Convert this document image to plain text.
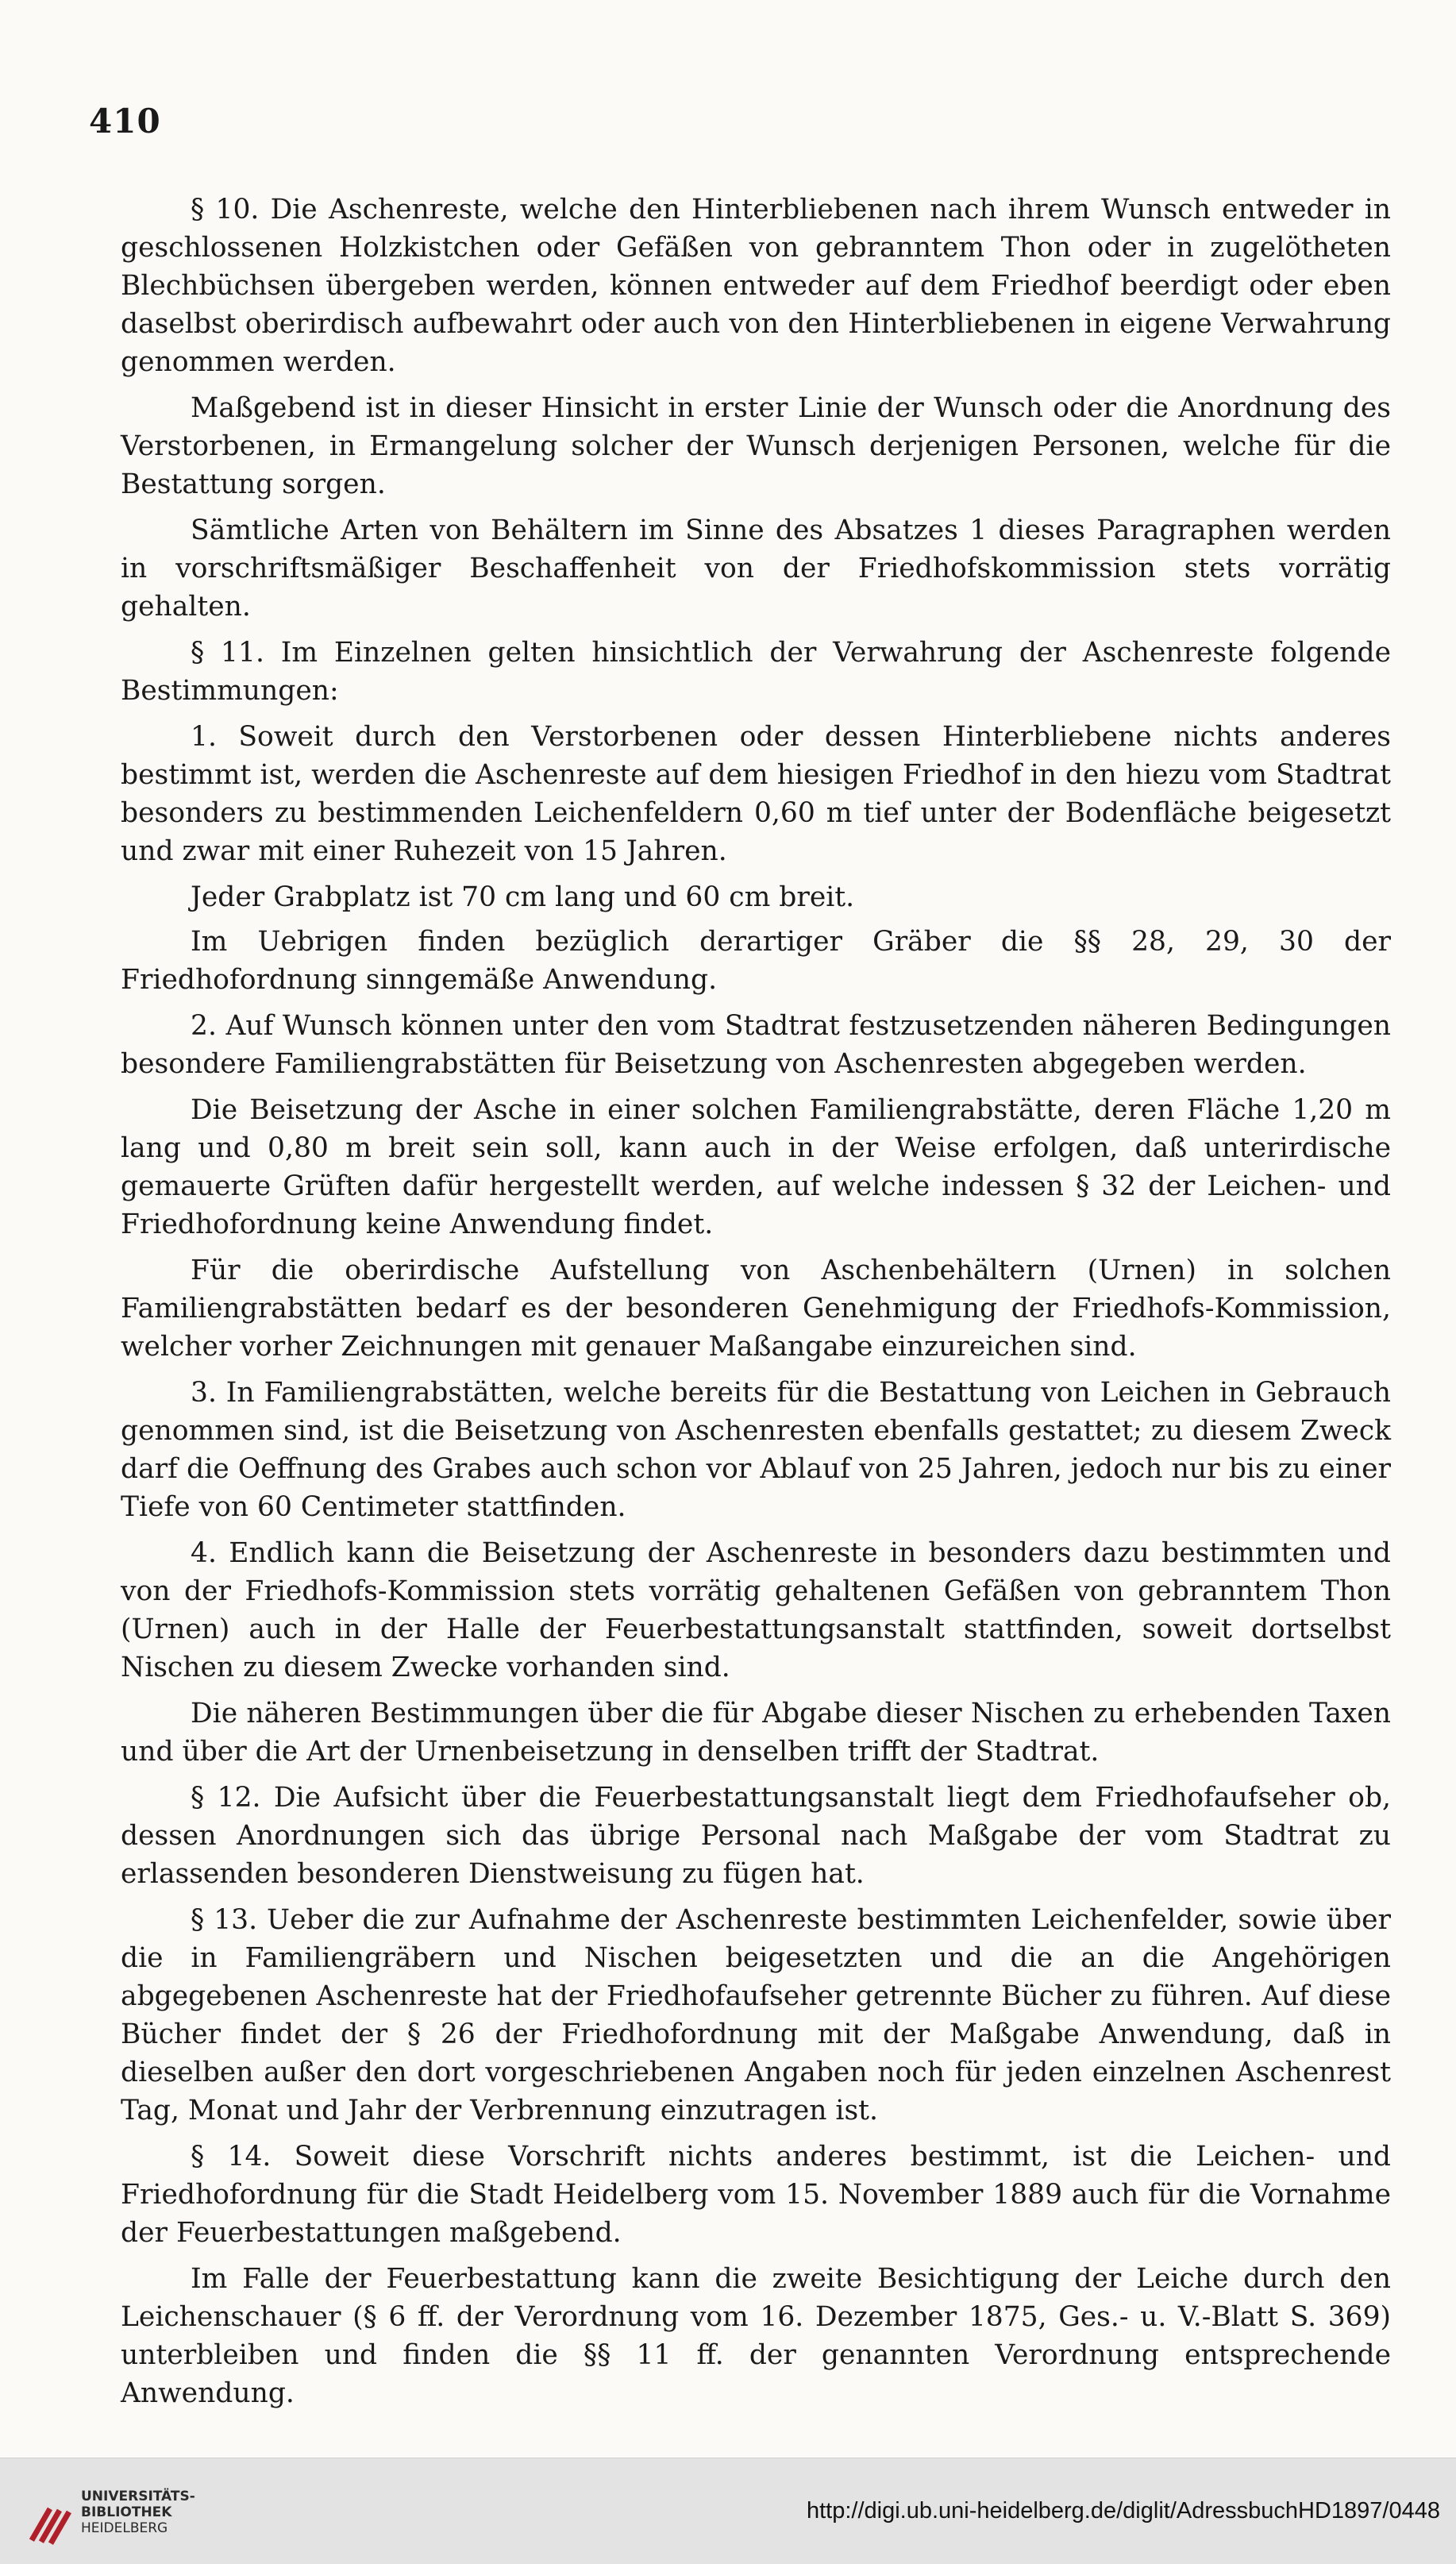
410

§ 10. Die Aschenreste, welche den Hinterbliebenen nach ihrem Wunsch entweder in geschlossenen Holzkistchen oder Gefäßen von gebranntem Thon oder in zugelötheten Blechbüchsen übergeben werden, können entweder auf dem Friedhof beerdigt oder eben daselbst oberirdisch aufbewahrt oder auch von den Hinterbliebenen in eigene Verwahrung genommen werden.

Maßgebend ist in dieser Hinsicht in erster Linie der Wunsch oder die Anordnung des Verstorbenen, in Ermangelung solcher der Wunsch derjenigen Personen, welche für die Bestattung sorgen.

Sämtliche Arten von Behältern im Sinne des Absatzes 1 dieses Paragraphen werden in vorschriftsmäßiger Beschaffenheit von der Friedhofskommission stets vorrätig gehalten.

§ 11. Im Einzelnen gelten hinsichtlich der Verwahrung der Aschenreste folgende Bestimmungen:

1. Soweit durch den Verstorbenen oder dessen Hinterbliebene nichts anderes bestimmt ist, werden die Aschenreste auf dem hiesigen Friedhof in den hiezu vom Stadtrat besonders zu bestimmenden Leichenfeldern 0,60 m tief unter der Bodenfläche beigesetzt und zwar mit einer Ruhezeit von 15 Jahren.

Jeder Grabplatz ist 70 cm lang und 60 cm breit.

Im Uebrigen finden bezüglich derartiger Gräber die §§ 28, 29, 30 der Friedhofordnung sinngemäße Anwendung.

2. Auf Wunsch können unter den vom Stadtrat festzusetzenden näheren Bedingungen besondere Familiengrabstätten für Beisetzung von Aschenresten abgegeben werden.

Die Beisetzung der Asche in einer solchen Familiengrabstätte, deren Fläche 1,20 m lang und 0,80 m breit sein soll, kann auch in der Weise erfolgen, daß unterirdische gemauerte Grüften dafür hergestellt werden, auf welche indessen § 32 der Leichen- und Friedhofordnung keine Anwendung findet.

Für die oberirdische Aufstellung von Aschenbehältern (Urnen) in solchen Familiengrabstätten bedarf es der besonderen Genehmigung der Friedhofs-Kommission, welcher vorher Zeichnungen mit genauer Maßangabe einzureichen sind.

3. In Familiengrabstätten, welche bereits für die Bestattung von Leichen in Gebrauch genommen sind, ist die Beisetzung von Aschenresten ebenfalls gestattet; zu diesem Zweck darf die Oeffnung des Grabes auch schon vor Ablauf von 25 Jahren, jedoch nur bis zu einer Tiefe von 60 Centimeter stattfinden.

4. Endlich kann die Beisetzung der Aschenreste in besonders dazu bestimmten und von der Friedhofs-Kommission stets vorrätig gehaltenen Gefäßen von gebranntem Thon (Urnen) auch in der Halle der Feuerbestattungsanstalt stattfinden, soweit dortselbst Nischen zu diesem Zwecke vorhanden sind.

Die näheren Bestimmungen über die für Abgabe dieser Nischen zu erhebenden Taxen und über die Art der Urnenbeisetzung in denselben trifft der Stadtrat.

§ 12. Die Aufsicht über die Feuerbestattungsanstalt liegt dem Friedhofaufseher ob, dessen Anordnungen sich das übrige Personal nach Maßgabe der vom Stadtrat zu erlassenden besonderen Dienstweisung zu fügen hat.

§ 13. Ueber die zur Aufnahme der Aschenreste bestimmten Leichenfelder, sowie über die in Familiengräbern und Nischen beigesetzten und die an die Angehörigen abgegebenen Aschenreste hat der Friedhofaufseher getrennte Bücher zu führen. Auf diese Bücher findet der § 26 der Friedhofordnung mit der Maßgabe Anwendung, daß in dieselben außer den dort vorgeschriebenen Angaben noch für jeden einzelnen Aschenrest Tag, Monat und Jahr der Verbrennung einzutragen ist.

§ 14. Soweit diese Vorschrift nichts anderes bestimmt, ist die Leichen- und Friedhofordnung für die Stadt Heidelberg vom 15. November 1889 auch für die Vornahme der Feuerbestattungen maßgebend.

Im Falle der Feuerbestattung kann die zweite Besichtigung der Leiche durch den Leichenschauer (§ 6 ff. der Verordnung vom 16. Dezember 1875, Ges.- u. V.-Blatt S. 369) unterbleiben und finden die §§ 11 ff. der genannten Verordnung entsprechende Anwendung.

UNIVERSITÄTS-
BIBLIOTHEK
HEIDELBERG
http://digi.ub.uni-heidelberg.de/diglit/AdressbuchHD1897/0448
